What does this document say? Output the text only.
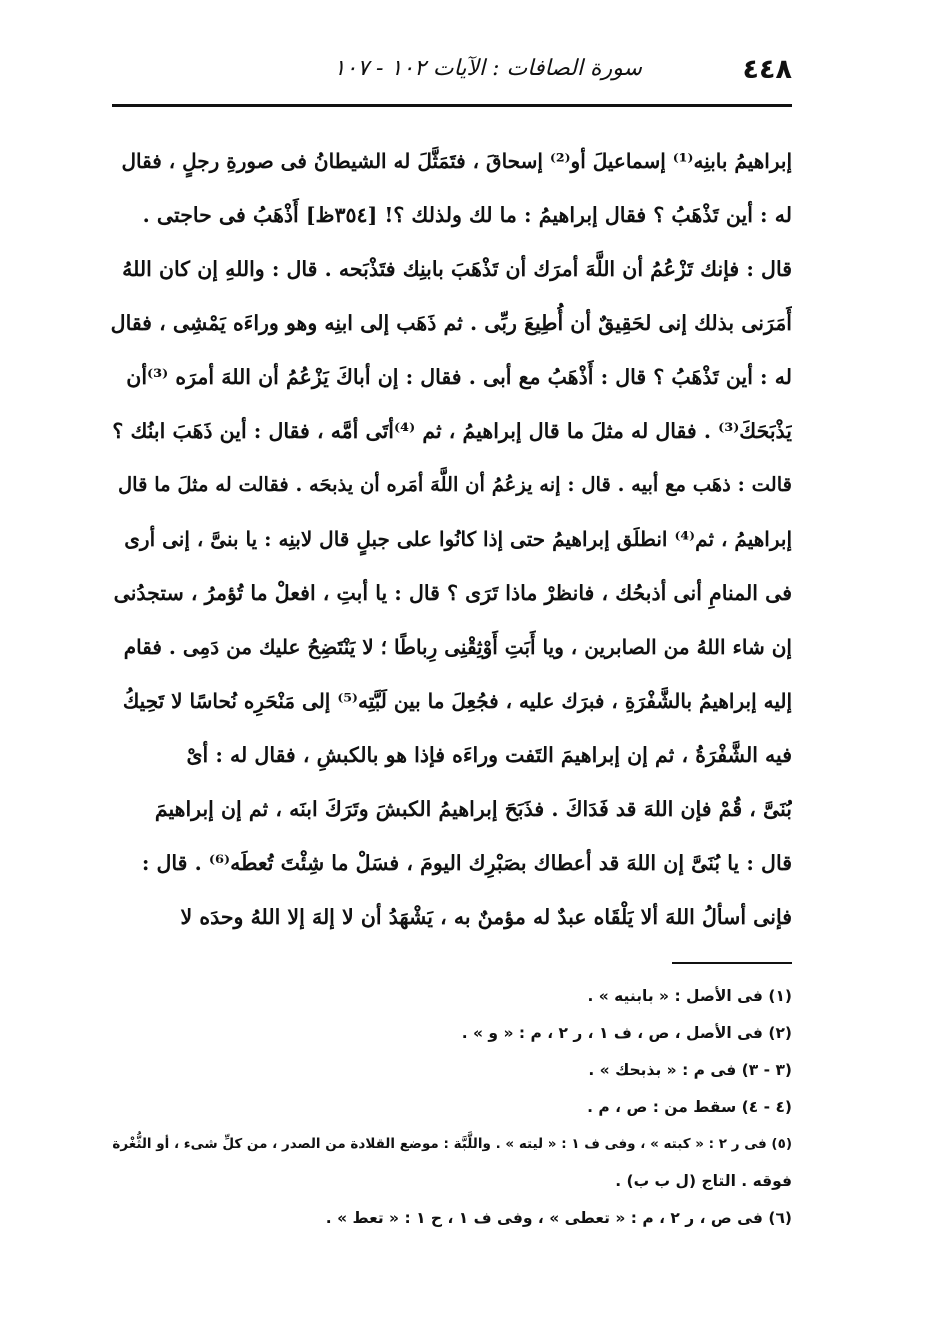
٤٤٨
سورة الصافات : الآيات ١٠٢ - ١٠٧
إبراهيمُ بابنِه⁽¹⁾ إسماعيلَ أو⁽²⁾ إسحاقَ ، فتَمَثَّلَ له الشيطانُ فى صورةِ رجلٍ ، فقال
له : أين تَذْهَبُ ؟ فقال إبراهيمُ : ما لك ولذلك ؟! [٣٥٤ظ] أَذْهَبُ فى حاجتى .
قال : فإنك تَزْعُمُ أن اللَّهَ أمرَك أن تَذْهَبَ بابنِك فتَذْبَحه . قال : واللهِ إن كان اللهُ
أَمَرَنى بذلك إنى لحَقِيقٌ أن أُطِيعَ ربِّى . ثم ذَهَب إلى ابنِه وهو وراءَه يَمْشِى ، فقال
له : أين تَذْهَبُ ؟ قال : أَذْهَبُ مع أبى . فقال : إن أباكَ يَزْعُمُ أن اللهَ أمرَه ⁽³⁾أن
يَذْبَحَكَ⁽³⁾ . فقال له مثلَ ما قال إبراهيمُ ، ثم ⁽⁴⁾أتَى أمَّه ، فقال : أين ذَهَبَ ابنُك ؟
قالت : ذهَب مع أبيه . قال : إنه يزعُمُ أن اللَّهَ أمَره أن يذبحَه . فقالت له مثلَ ما قال
إبراهيمُ ، ثم⁽⁴⁾ انطلَق إبراهيمُ حتى إذا كانُوا على جبلٍ قال لابنِه : يا بنىَّ ، إنى أرى
فى المنامِ أنى أذبحُك ، فانظرْ ماذا تَرَى ؟ قال : يا أبتِ ، افعلْ ما تُؤمرُ ، ستجدُنى
إن شاء اللهُ من الصابرين ، ويا أَبَتِ أَوْثِقْنِى رِباطًا ؛ لا يَنْتَضِحُ عليك من دَمِى . فقام
إليه إبراهيمُ بالشَّفْرَةِ ، فبرَك عليه ، فجُعِلَ ما بين لَبَّتِه⁽⁵⁾ إلى مَنْحَرِه نُحاسًا لا تَحِيكُ
فيه الشَّفْرَةُ ، ثم إن إبراهيمَ التَفت وراءَه فإذا هو بالكبشِ ، فقال له : أىْ
بُنَىَّ ، قُمْ فإن اللهَ قد فَدَاكَ . فذَبَحَ إبراهيمُ الكبشَ وتَرَكَ ابنَه ، ثم إن إبراهيمَ
قال : يا بُنَىَّ إن اللهَ قد أعطاك بصَبْرِك اليومَ ، فسَلْ ما شِئْتَ تُعطَه⁽⁶⁾ . قال :
فإنى أسألُ اللهَ ألا يَلْقَاه عبدٌ له مؤمنٌ به ، يَشْهَدُ أن لا إلهَ إلا اللهُ وحدَه لا
(١) فى الأصل : « بابنيه » .
(٢) فى الأصل ، ص ، ف ١ ، ر ٢ ، م : « و » .
(٣ - ٣) فى م : « بذبحك » .
(٤ - ٤) سقط من : ص ، م .
(٥) فى ر ٢ : « كبته » ، وفى ف ١ : « ليته » . واللَّبَّة : موضع القلادة من الصدر ، من كلِّ شىء ، أو الثُّغْرة
فوقه . التاج (ل ب ب) .
(٦) فى ص ، ر ٢ ، م : « تعطى » ، وفى ف ١ ، ح ١ : « تعط » .
